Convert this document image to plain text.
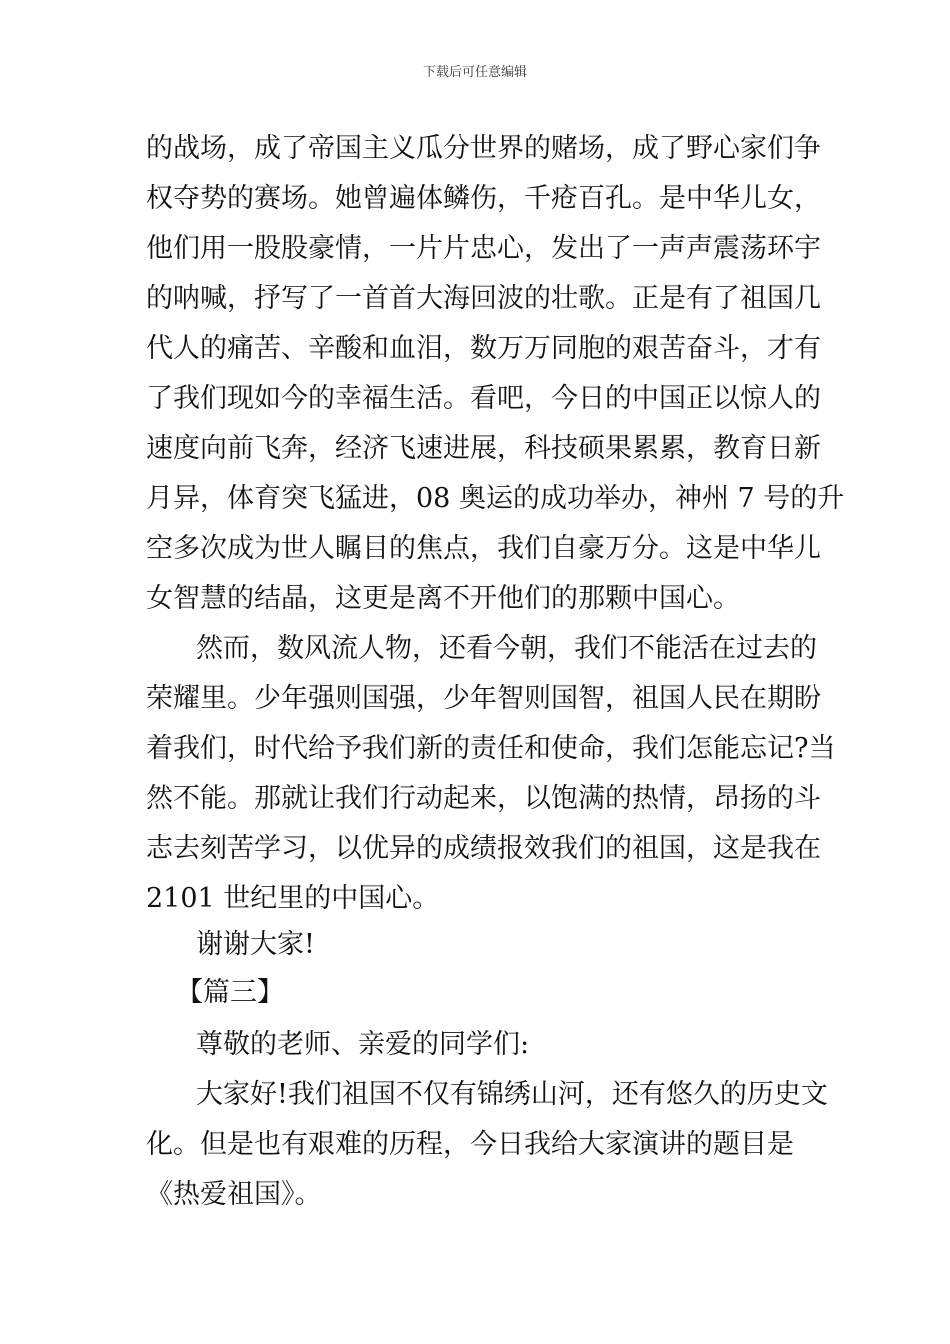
下载后可任意编辑
的战场，成了帝国主义瓜分世界的赌场，成了野心家们争
权夺势的赛场。她曾遍体鳞伤，千疮百孔。是中华儿女，
他们用一股股豪情，一片片忠心，发出了一声声震荡环宇
的呐喊，抒写了一首首大海回波的壮歌。正是有了祖国几
代人的痛苦、辛酸和血泪，数万万同胞的艰苦奋斗，才有
了我们现如今的幸福生活。看吧，今日的中国正以惊人的
速度向前飞奔，经济飞速进展，科技硕果累累，教育日新
月异，体育突飞猛进，08 奥运的成功举办，神州 7 号的升
空多次成为世人瞩目的焦点，我们自豪万分。这是中华儿
女智慧的结晶，这更是离不开他们的那颗中国心。
然而，数风流人物，还看今朝，我们不能活在过去的
荣耀里。少年强则国强，少年智则国智，祖国人民在期盼
着我们，时代给予我们新的责任和使命，我们怎能忘记?当
然不能。那就让我们行动起来，以饱满的热情，昂扬的斗
志去刻苦学习，以优异的成绩报效我们的祖国，这是我在
2101 世纪里的中国心。
谢谢大家!
【篇三】
尊敬的老师、亲爱的同学们:
大家好!我们祖国不仅有锦绣山河，还有悠久的历史文
化。但是也有艰难的历程，今日我给大家演讲的题目是
《热爱祖国》。
